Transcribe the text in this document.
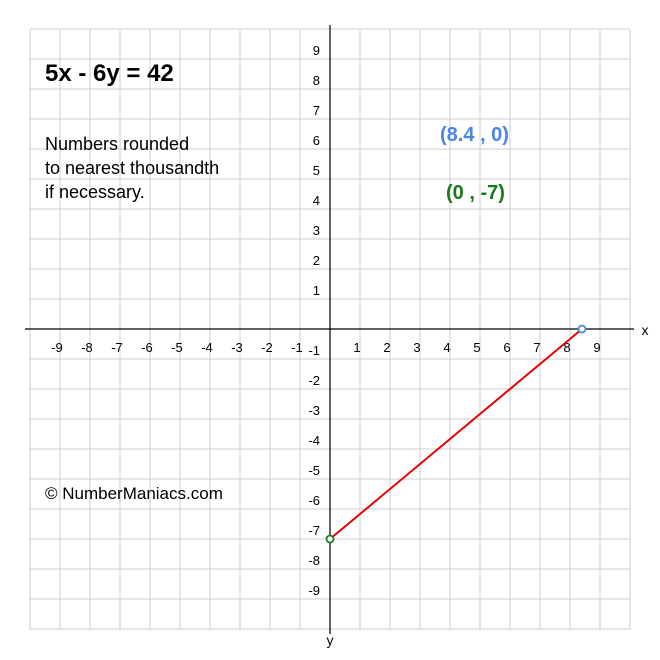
x
y
-9 -8 -7 -6 -5 -4 -3 -2 -1	1 2 3 4 5 6 7 8 9
9
8
7
6
5
4
3
2
1
-1
-2
-3
-4
-5
-6
-7
-8
-9
5x - 6y = 42
Numbers rounded
to nearest thousandth
if necessary.
© NumberManiacs.com
(8.4 , 0)
(0 , -7)
